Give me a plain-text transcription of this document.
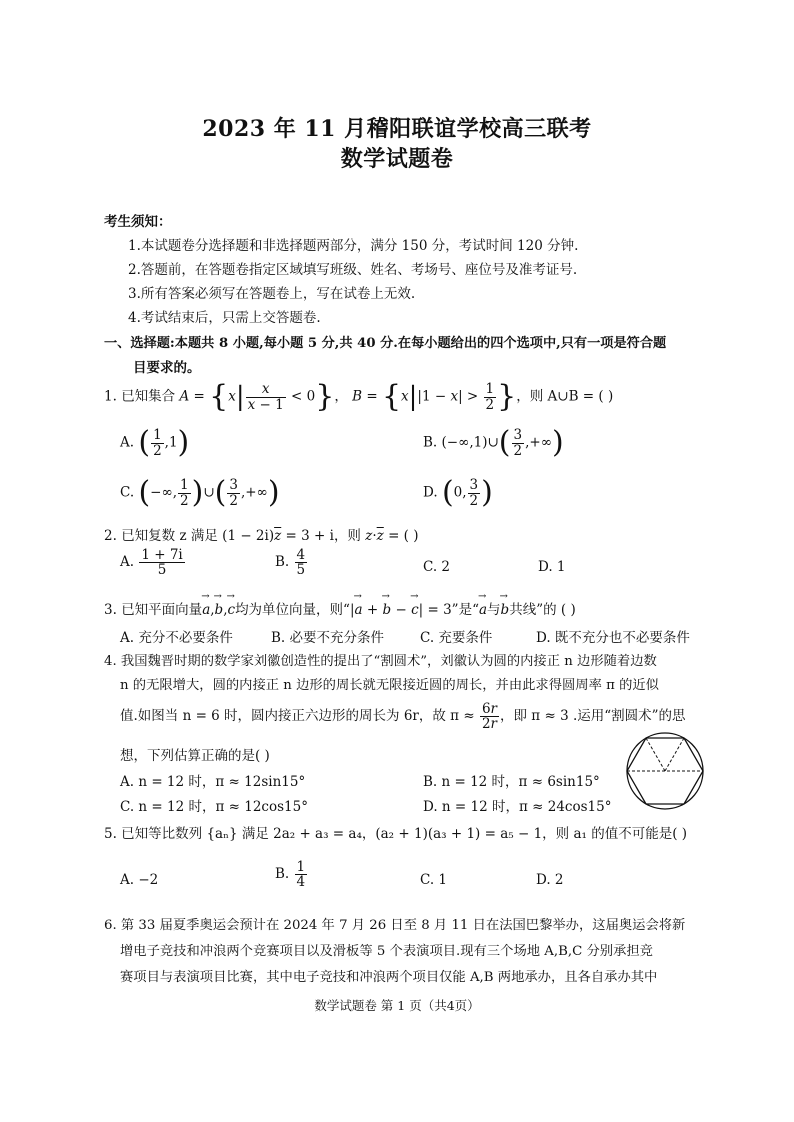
2023 年 11 月稽阳联谊学校高三联考
数学试题卷
考生须知：
1.本试题卷分选择题和非选择题两部分，满分 150 分，考试时间 120 分钟.
2.答题前，在答题卷指定区域填写班级、姓名、考场号、座位号及准考证号.
3.所有答案必须写在答题卷上，写在试卷上无效.
4.考试结束后，只需上交答题卷.
一、选择题:本题共 8 小题,每小题 5 分,共 40 分.在每小题给出的四个选项中,只有一项是符合题
目要求的。
1. 已知集合 $A = \{x| \frac{x}{x - 1} < 0\}$， $B = \{x||1 - x| > \frac{1}{2}$ }，则 A∪B = ( )
A. ( $\frac{1}{2} ,1$)	B. (−∞,1)∪( $\frac{3}{2}$ ,+∞)
C. (−∞, $\frac{1}{2}$ )∪( $\frac{3}{2}$ ,+∞)	D. (0, $\frac{3}{2}$ )
2. 已知复数 z 满足 $(1 - 2i)\overline{z} = 3 + i$，则 $z\cdot\overline{z}$ = ( )
A. $\frac{1 + 7i}{5}$	B. $\frac{4}{5}$	C. 2	D. 1
3. 已知平面向量→ a,→ b,→ c均为单位向量，则“|→ a + → b − → c| = 3”是“→ a与→ b共线”的 ( )
A. 充分不必要条件	B. 必要不充分条件	C. 充要条件	D. 既不充分也不必要条件
4. 我国魏晋时期的数学家刘徽创造性的提出了“割圆术”，刘徽认为圆的内接正 n 边形随着边数
n 的无限增大，圆的内接正 n 边形的周长就无限接近圆的周长，并由此求得圆周率 π 的近似
值.如图当 n = 6 时，圆内接正六边形的周长为 6r，故 $\pi \approx \frac{6r}{2r}$ ，即 π ≈ 3 .运用“割圆术”的思
想，下列估算正确的是( )
A. n = 12 时，π ≈ 12sin15°	B. n = 12 时，π ≈ 6sin15°
C. n = 12 时，π ≈ 12cos15°	D. n = 12 时，π ≈ 24cos15°
5. 已知等比数列 {aₙ} 满足 2a₂ + a₃ = a₄，(a₂ + 1)(a₃ + 1) = a₅ − 1，则 a₁ 的值不可能是( )
A. −2	B. $\frac{1}{4}$	C. 1	D. 2
6. 第 33 届夏季奥运会预计在 2024 年 7 月 26 日至 8 月 11 日在法国巴黎举办，这届奥运会将新
增电子竞技和冲浪两个竞赛项目以及滑板等 5 个表演项目.现有三个场地 A,B,C 分别承担竞
赛项目与表演项目比赛，其中电子竞技和冲浪两个项目仅能 A,B 两地承办，且各自承办其中
数学试题卷 第 1 页（共4页）
